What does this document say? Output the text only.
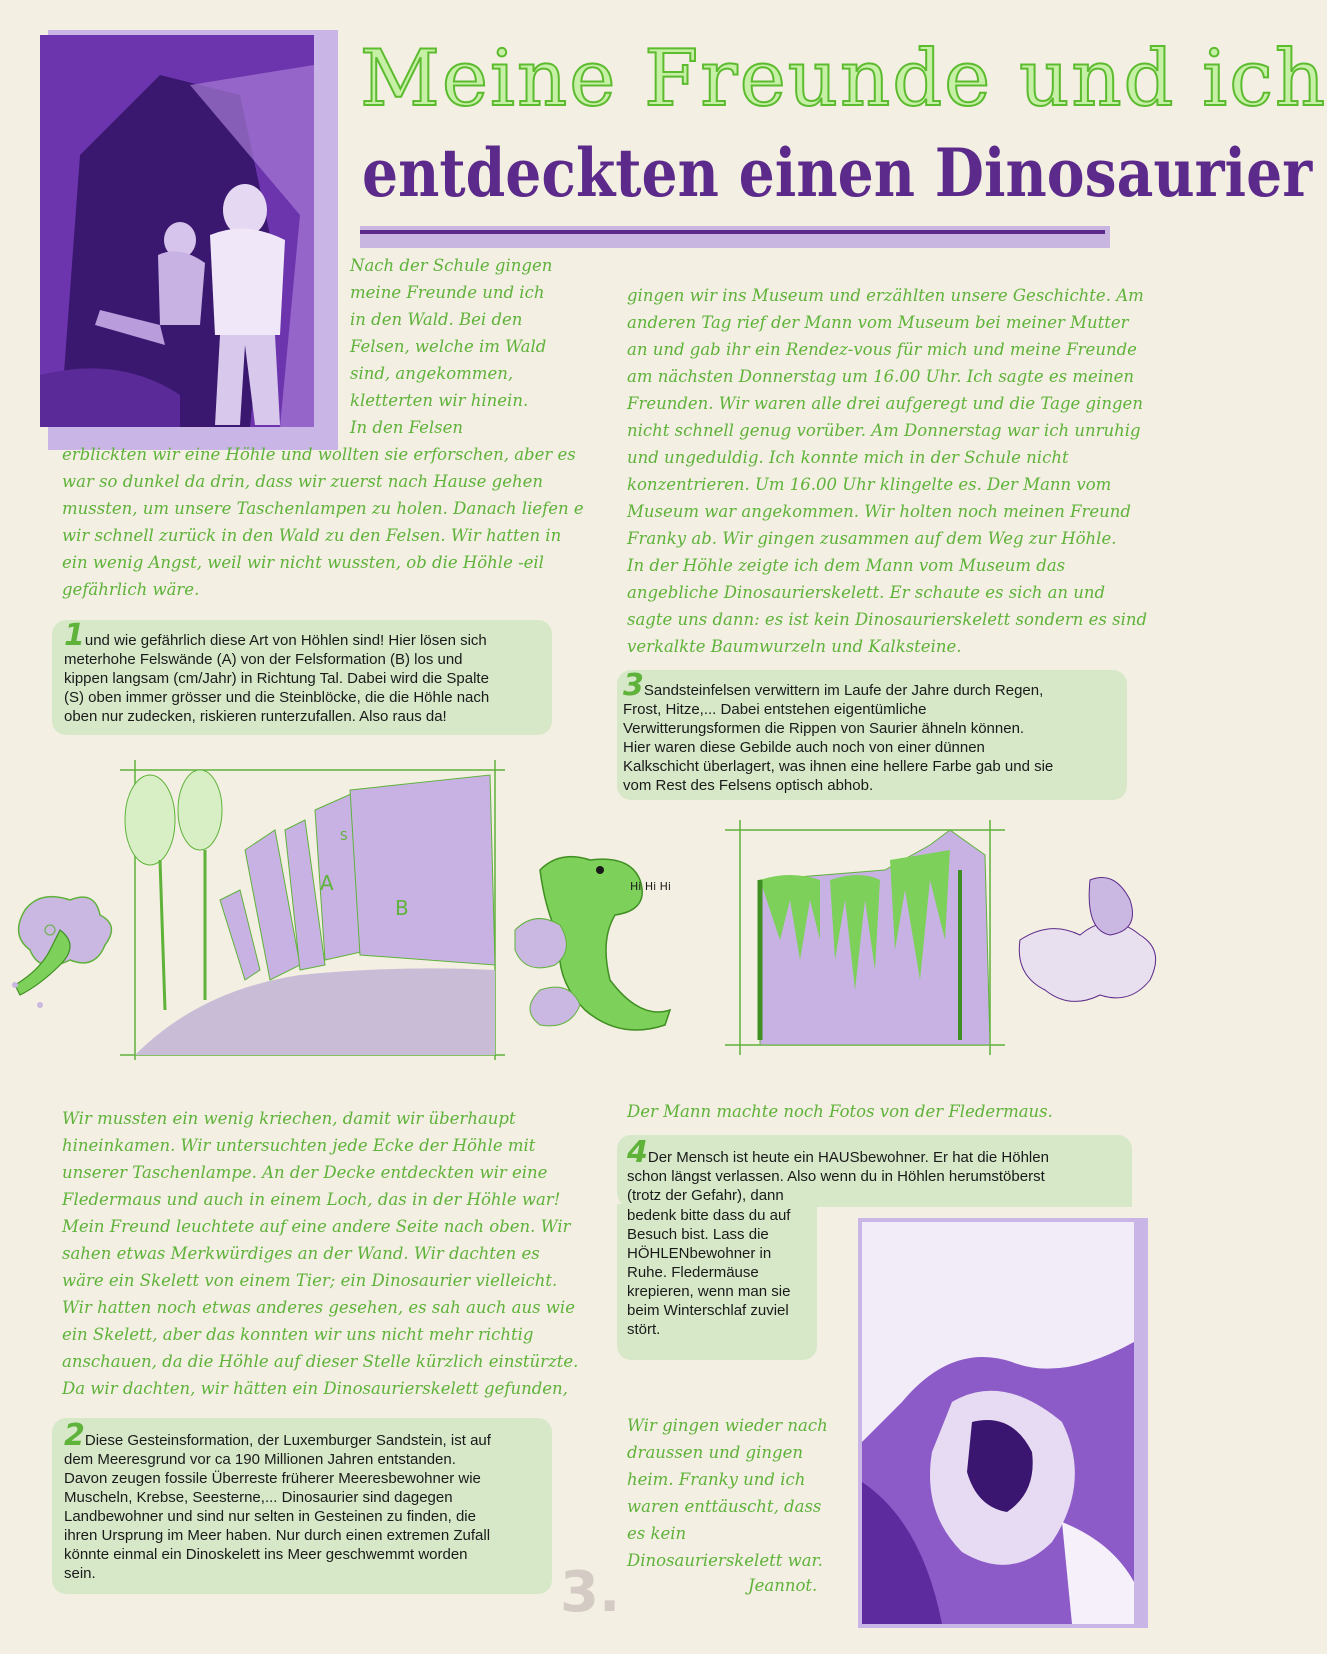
Meine Freunde und ich
entdeckten einen Dinosaurier
Nach der Schule gingen
meine Freunde und ich
in den Wald. Bei den
Felsen, welche im Wald
sind, angekommen,
kletterten wir hinein.
In den Felsen
erblickten wir eine Höhle und wollten sie erforschen, aber es
war so dunkel da drin, dass wir zuerst nach Hause gehen
mussten, um unsere Taschenlampen zu holen. Danach liefen e
wir schnell zurück in den Wald zu den Felsen. Wir hatten in
ein wenig Angst, weil wir nicht wussten, ob die Höhle ֊eil
gefährlich wäre.
gingen wir ins Museum und erzählten unsere Geschichte. Am
anderen Tag rief der Mann vom Museum bei meiner Mutter
an und gab ihr ein Rendez-vous für mich und meine Freunde
am nächsten Donnerstag um 16.00 Uhr. Ich sagte es meinen
Freunden. Wir waren alle drei aufgeregt und die Tage gingen
nicht schnell genug vorüber. Am Donnerstag war ich unruhig
und ungeduldig. Ich konnte mich in der Schule nicht
konzentrieren. Um 16.00 Uhr klingelte es. Der Mann vom
Museum war angekommen. Wir holten noch meinen Freund
Franky ab. Wir gingen zusammen auf dem Weg zur Höhle.
In der Höhle zeigte ich dem Mann vom Museum das
angebliche Dinosaurierskelett. Er schaute es sich an und
sagte uns dann: es ist kein Dinosaurierskelett sondern es sind
verkalkte Baumwurzeln und Kalksteine.
1und wie gefährlich diese Art von Höhlen sind! Hier lösen sich
meterhohe Felswände (A) von der Felsformation (B) los und
kippen langsam (cm/Jahr) in Richtung Tal. Dabei wird die Spalte
(S) oben immer grösser und die Steinblöcke, die die Höhle nach
oben nur zudecken, riskieren runterzufallen. Also raus da!
3Sandsteinfelsen verwittern im Laufe der Jahre durch Regen,
Frost, Hitze,... Dabei entstehen eigentümliche
Verwitterungsformen die Rippen von Saurier ähneln können.
Hier waren diese Gebilde auch noch von einer dünnen
Kalkschicht überlagert, was ihnen eine hellere Farbe gab und sie
vom Rest des Felsens optisch abhob.
A
B
S
Hi Hi Hi
Wir mussten ein wenig kriechen, damit wir überhaupt
hineinkamen. Wir untersuchten jede Ecke der Höhle mit
unserer Taschenlampe. An der Decke entdeckten wir eine
Fledermaus und auch in einem Loch, das in der Höhle war!
Mein Freund leuchtete auf eine andere Seite nach oben. Wir
sahen etwas Merkwürdiges an der Wand. Wir dachten es
wäre ein Skelett von einem Tier; ein Dinosaurier vielleicht.
Wir hatten noch etwas anderes gesehen, es sah auch aus wie
ein Skelett, aber das konnten wir uns nicht mehr richtig
anschauen, da die Höhle auf dieser Stelle kürzlich einstürzte.
Da wir dachten, wir hätten ein Dinosaurierskelett gefunden,
Der Mann machte noch Fotos von der Fledermaus.
2Diese Gesteinsformation, der Luxemburger Sandstein, ist auf
dem Meeresgrund vor ca 190 Millionen Jahren entstanden.
Davon zeugen fossile Überreste früherer Meeresbewohner wie
Muscheln, Krebse, Seesterne,... Dinosaurier sind dagegen
Landbewohner und sind nur selten in Gesteinen zu finden, die
ihren Ursprung im Meer haben. Nur durch einen extremen Zufall
könnte einmal ein Dinoskelett ins Meer geschwemmt worden
sein.
4Der Mensch ist heute ein HAUSbewohner. Er hat die Höhlen
schon längst verlassen. Also wenn du in Höhlen herumstöberst
(trotz der Gefahr), dann
bedenk bitte dass du auf
Besuch bist. Lass die
HÖHLENbewohner in
Ruhe. Fledermäuse
krepieren, wenn man sie
beim Winterschlaf zuviel
stört.
Wir gingen wieder nach
draussen und gingen
heim. Franky und ich
waren enttäuscht, dass
es kein
Dinosaurierskelett war.
Jeannot.
3.
